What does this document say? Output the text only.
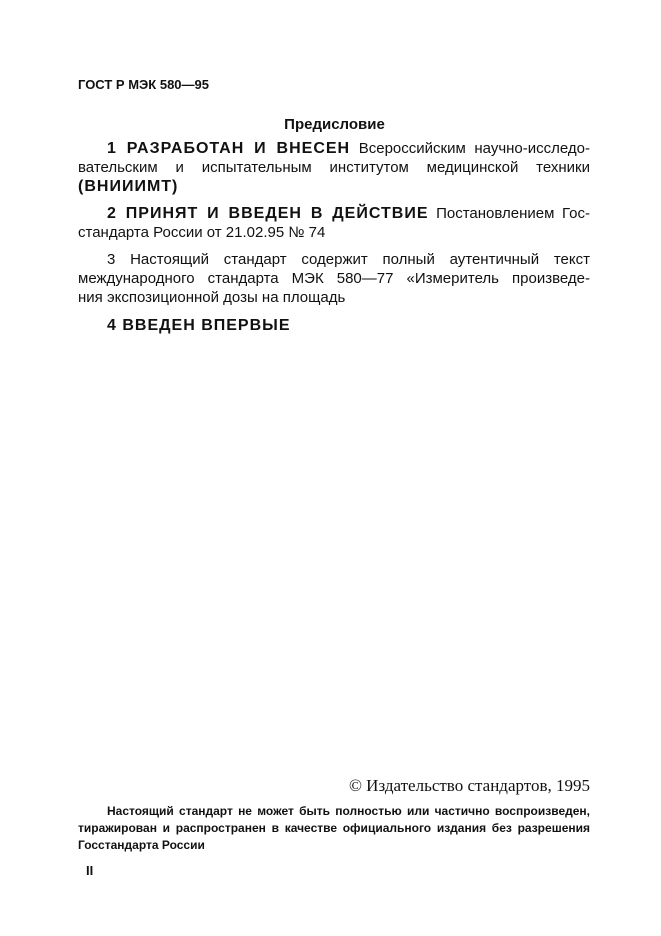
ГОСТ Р МЭК 580—95
Предисловие
1 РАЗРАБОТАН И ВНЕСЕН Всероссийским научно-исследо-
вательским и испытательным институтом медицинской техники
(ВНИИИМТ)
2 ПРИНЯТ И ВВЕДЕН В ДЕЙСТВИЕ Постановлением Гос-
стандарта России от 21.02.95 № 74
3 Настоящий стандарт содержит полный аутентичный текст
международного стандарта МЭК 580—77 «Измеритель произведе-
ния экспозиционной дозы на площадь
4 ВВЕДЕН ВПЕРВЫЕ
© Издательство стандартов, 1995
Настоящий стандарт не может быть полностью или частично воспроизведен,
тиражирован и распространен в качестве официального издания без разрешения
Госстандарта России
II
